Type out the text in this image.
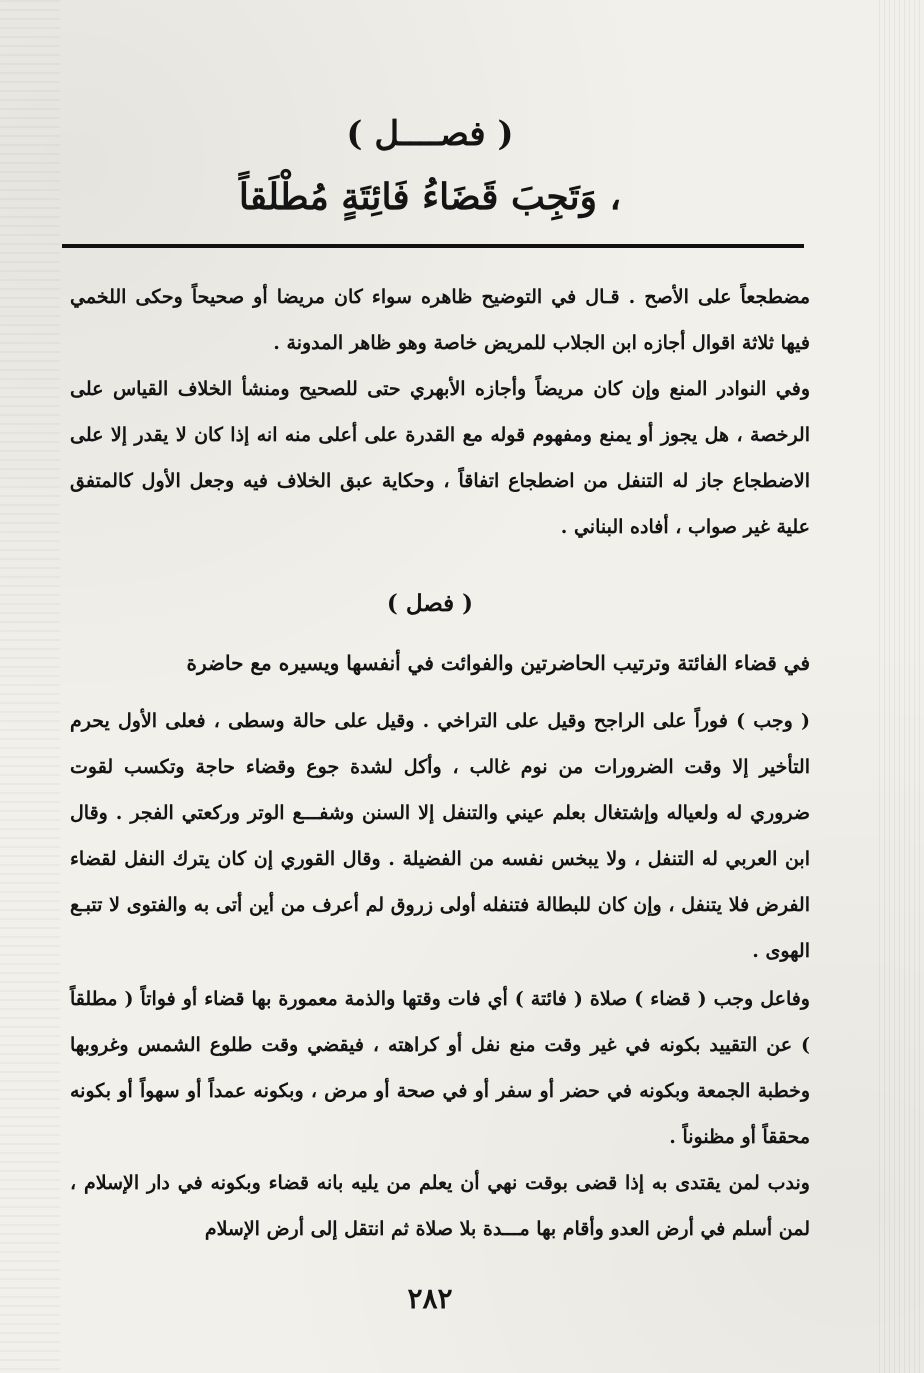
( فصــــل )
وَتَجِبَ قَضَاءُ فَائِتَةٍ مُطْلَقاً ،
مضطجعاً على الأصح . قـال في التوضيح ظاهره سواء كان مريضا أو صحيحاً وحكى اللخمي فيها ثلاثة اقوال أجازه ابن الجلاب للمريض خاصة وهو ظاهر المدونة .
وفي النوادر المنع وإن كان مريضاً وأجازه الأبهري حتى للصحيح ومنشأ الخلاف القياس على الرخصة ، هل يجوز أو يمنع ومفهوم قوله مع القدرة على أعلى منه انه إذا كان لا يقدر إلا على الاضطجاع جاز له التنفل من اضطجاع اتفاقاً ، وحكاية عبق الخلاف فيه وجعل الأول كالمتفق علية غير صواب ، أفاده البناني .
( فصل )
في قضاء الفائتة وترتيب الحاضرتين والفوائت في أنفسها ويسيره مع حاضرة
( وجب ) فوراً على الراجح وقيل على التراخي . وقيل على حالة وسطى ، فعلى الأول يحرم التأخير إلا وقت الضرورات من نوم غالب ، وأكل لشدة جوع وقضاء حاجة وتكسب لقوت ضروري له ولعياله وإشتغال بعلم عيني والتنفل إلا السنن وشفـــع الوتر وركعتي الفجر . وقال ابن العربي له التنفل ، ولا يبخس نفسه من الفضيلة . وقال القوري إن كان يترك النفل لقضاء الفرض فلا يتنفل ، وإن كان للبطالة فتنفله أولى زروق لم أعرف من أين أتى به والفتوى لا تتبـع الهوى .
وفاعل وجب ( قضاء ) صلاة ( فائتة ) أي فات وقتها والذمة معمورة بها قضاء أو فواتاً ( مطلقاً ) عن التقييد بكونه في غير وقت منع نفل أو كراهته ، فيقضي وقت طلوع الشمس وغروبها وخطبة الجمعة وبكونه في حضر أو سفر أو في صحة أو مرض ، وبكونه عمداً أو سهواً أو بكونه محققاً أو مظنوناً .
وندب لمن يقتدى به إذا قضى بوقت نهي أن يعلم من يليه بانه قضاء وبكونه في دار الإسلام ، لمن أسلم في أرض العدو وأقام بها مـــدة بلا صلاة ثم انتقل إلى أرض الإسلام
٢٨٢
